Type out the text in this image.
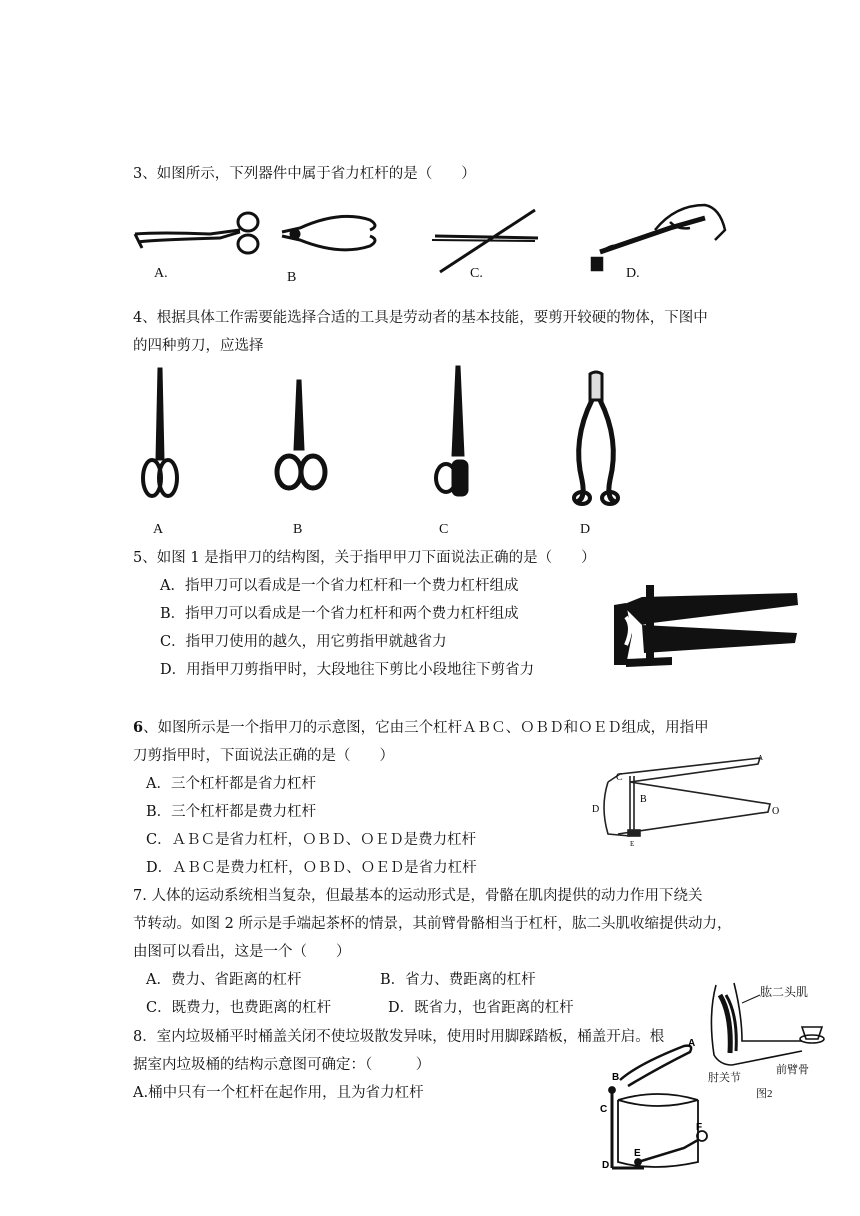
3、如图所示，下列器件中属于省力杠杆的是（　　）
A.	B	C.	D.
4、根据具体工作需要能选择合适的工具是劳动者的基本技能，要剪开较硬的物体，下图中
的四种剪刀，应选择
A	B	C	D
5、如图 1 是指甲刀的结构图，关于指甲甲刀下面说法正确的是（　　）
A．指甲刀可以看成是一个省力杠杆和一个费力杠杆组成
B．指甲刀可以看成是一个省力杠杆和两个费力杠杆组成
C．指甲刀使用的越久，用它剪指甲就越省力
D．用指甲刀剪指甲时，大段地往下剪比小段地往下剪省力
6、如图所示是一个指甲刀的示意图，它由三个杠杆ＡＢＣ、ＯＢＤ和ＯＥＤ组成，用指甲
刀剪指甲时，下面说法正确的是（　　）
A．三个杠杆都是省力杠杆
B．三个杠杆都是费力杠杆
C．ＡＢＣ是省力杠杆，ＯＢＤ、ＯＥＤ是费力杠杆
D．ＡＢＣ是费力杠杆，ＯＢＤ、ＯＥＤ是省力杠杆
C
B
D	O
E
A
7. 人体的运动系统相当复杂，但最基本的运动形式是，骨骼在肌肉提供的动力作用下绕关
节转动。如图 2 所示是手端起茶杯的情景，其前臂骨骼相当于杠杆，肱二头肌收缩提供动力，
由图可以看出，这是一个（　　）
A．费力、省距离的杠杆	B．省力、费距离的杠杆
C．既费力，也费距离的杠杆	D．既省力，也省距离的杠杆
肱二头肌
肘关节
前臂骨
图2
8．室内垃圾桶平时桶盖关闭不使垃圾散发异味，使用时用脚踩踏板，桶盖开启。根
据室内垃圾桶的结构示意图可确定：（　　　）
A.桶中只有一个杠杆在起作用，且为省力杠杆
B
A
C
E
F
D
